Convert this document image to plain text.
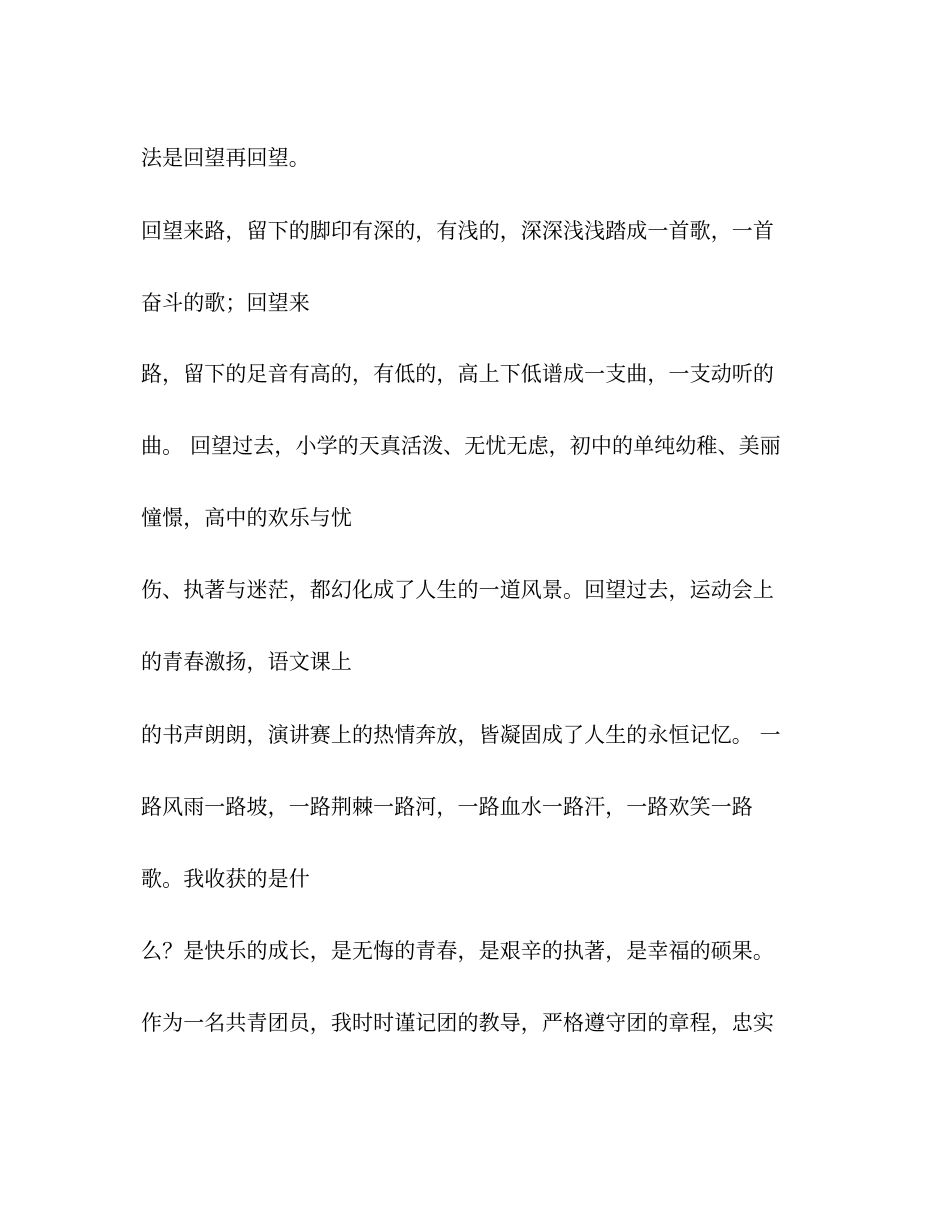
法是回望再回望。

回望来路，留下的脚印有深的，有浅的，深深浅浅踏成一首歌，一首

奋斗的歌；回望来

路，留下的足音有高的，有低的，高上下低谱成一支曲，一支动听的

曲。 回望过去，小学的天真活泼、无忧无虑，初中的单纯幼稚、美丽

憧憬，高中的欢乐与忧

伤、执著与迷茫，都幻化成了人生的一道风景。回望过去，运动会上

的青春激扬，语文课上

的书声朗朗，演讲赛上的热情奔放，皆凝固成了人生的永恒记忆。 一

路风雨一路坡，一路荆棘一路河，一路血水一路汗，一路欢笑一路

歌。我收获的是什

么？是快乐的成长，是无悔的青春，是艰辛的执著，是幸福的硕果。

作为一名共青团员，我时时谨记团的教导，严格遵守团的章程，忠实
